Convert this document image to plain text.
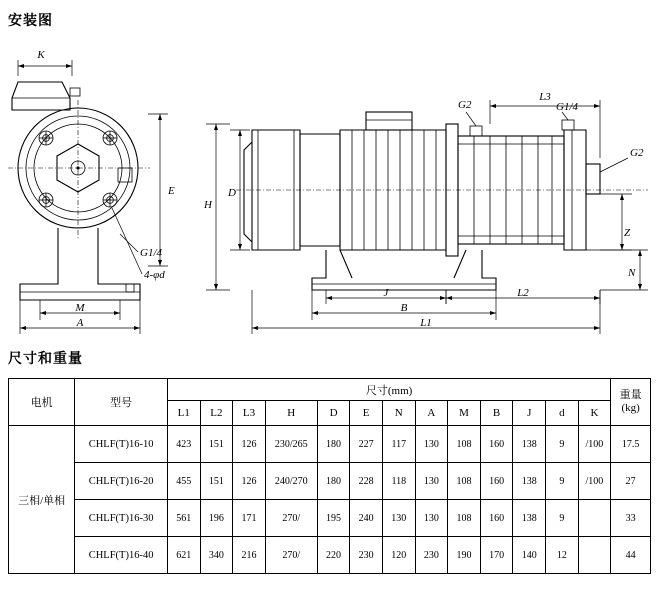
安装图
K
G1/4
4-φd
E
M
A
G2	G1/4
G2
H
D
L3
Z
N
J	L2
B
L1
尺寸和重量
电机	型号	尺寸(mm)													重量
(kg)

		L1	L2	L3	H	D	E	N	A	M	B	J	d	K	
三相/单相	CHLF(T)16-10	423	151	126	230/265	180	227	117	130	108	160	138	9	/100	17.5
	CHLF(T)16-20	455	151	126	240/270	180	228	118	130	108	160	138	9	/100	27
	CHLF(T)16-30	561	196	171	270/	195	240	130	130	108	160	138	9		33
	CHLF(T)16-40	621	340	216	270/	220	230	120	230	190	170	140	12		44
